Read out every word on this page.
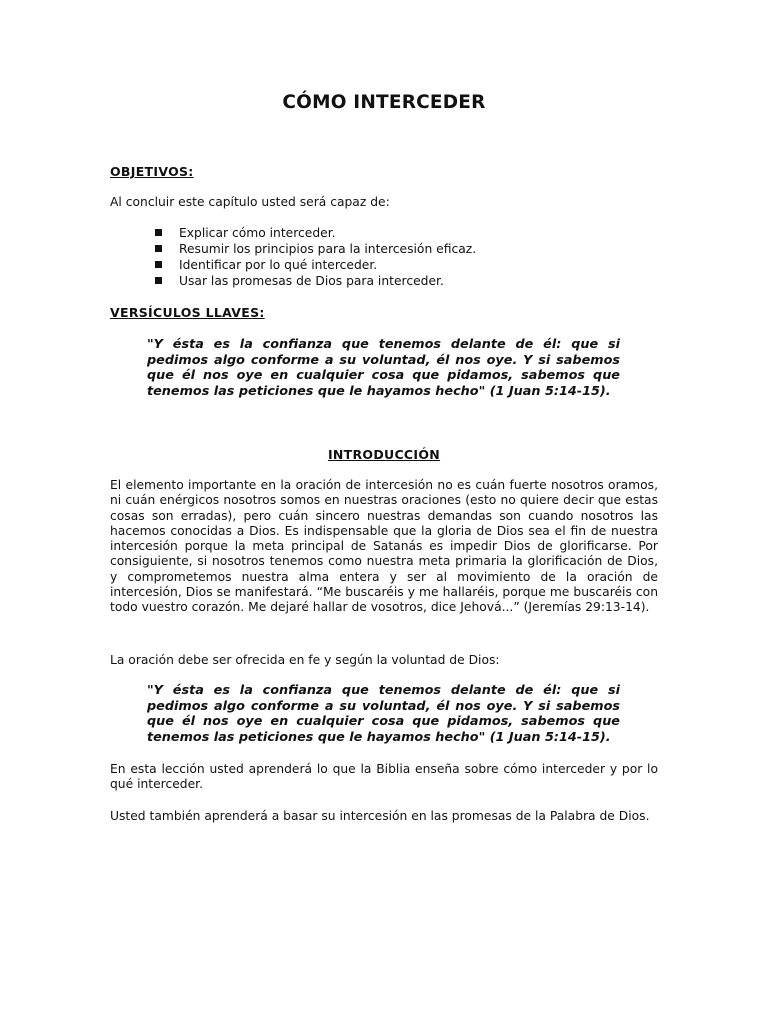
CÓMO INTERCEDER
OBJETIVOS:
Al concluir este capítulo usted será capaz de:
Explicar cómo interceder.
Resumir los principios para la intercesión eficaz.
Identificar por lo qué interceder.
Usar las promesas de Dios para interceder.
VERSÍCULOS LLAVES:
"Y ésta es la confianza que tenemos delante de él: que si pedimos algo conforme a su voluntad, él nos oye. Y si sabemos que él nos oye en cualquier cosa que pidamos, sabemos que tenemos las peticiones que le hayamos hecho" (1 Juan 5:14-15).
INTRODUCCIÓN
El elemento importante en la oración de intercesión no es cuán fuerte nosotros oramos, ni cuán enérgicos nosotros somos en nuestras oraciones (esto no quiere decir que estas cosas son erradas), pero cuán sincero nuestras demandas son cuando nosotros las hacemos conocidas a Dios. Es indispensable que la gloria de Dios sea el fin de nuestra intercesión porque la meta principal de Satanás es impedir Dios de glorificarse. Por consiguiente, si nosotros tenemos como nuestra meta primaria la glorificación de Dios, y comprometemos nuestra alma entera y ser al movimiento de la oración de intercesión, Dios se manifestará. “Me buscaréis y me hallaréis, porque me buscaréis con todo vuestro corazón. Me dejaré hallar de vosotros, dice Jehová...” (Jeremías 29:13-14).
La oración debe ser ofrecida en fe y según la voluntad de Dios:
"Y ésta es la confianza que tenemos delante de él: que si pedimos algo conforme a su voluntad, él nos oye. Y si sabemos que él nos oye en cualquier cosa que pidamos, sabemos que tenemos las peticiones que le hayamos hecho" (1 Juan 5:14-15).
En esta lección usted aprenderá lo que la Biblia enseña sobre cómo interceder y por lo qué interceder.
Usted también aprenderá a basar su intercesión en las promesas de la Palabra de Dios.
